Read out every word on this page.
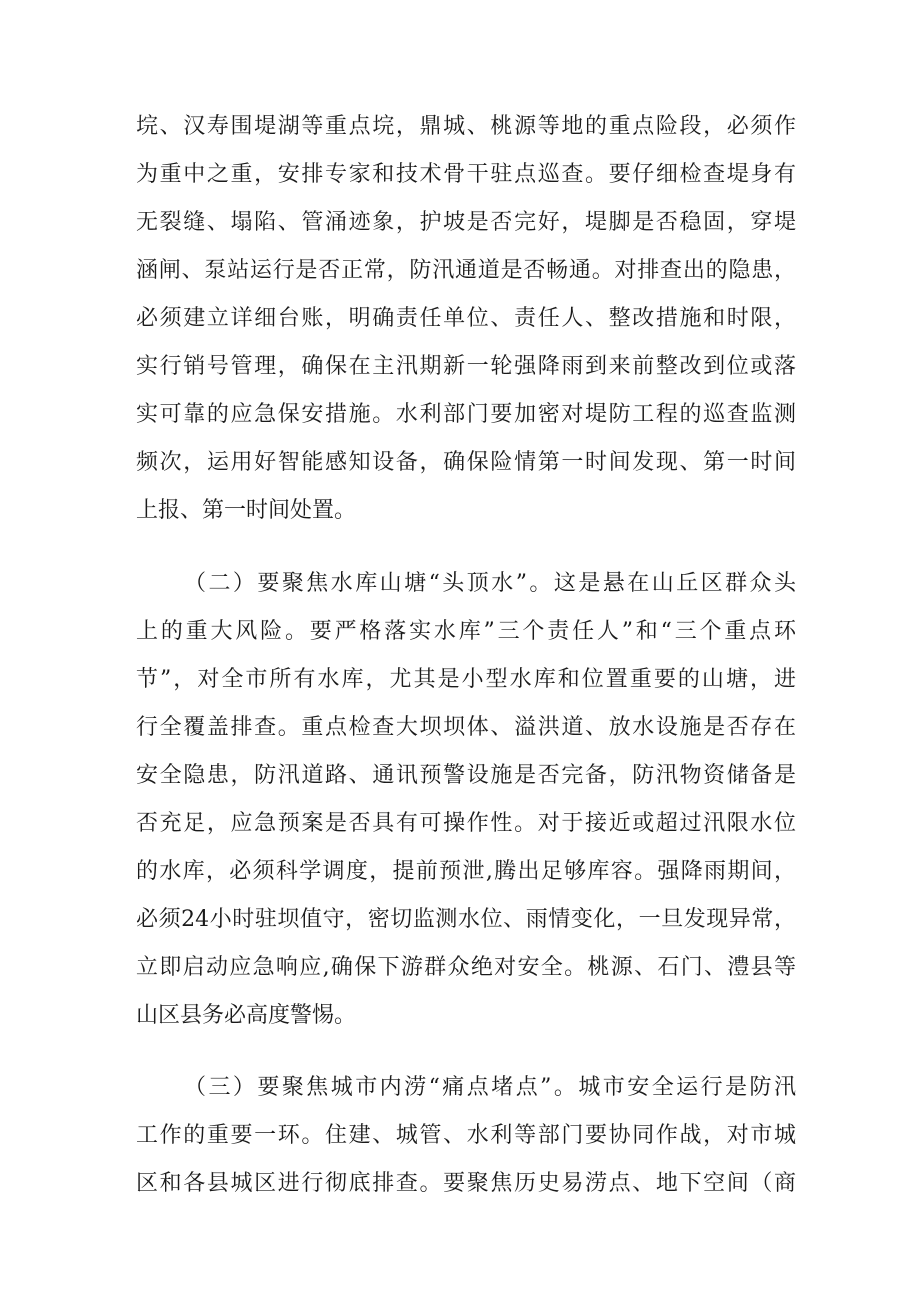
垸、汉寿围堤湖等重点垸，鼎城、桃源等地的重点险段，必须作
为重中之重，安排专家和技术骨干驻点巡查。要仔细检查堤身有
无裂缝、塌陷、管涌迹象，护坡是否完好，堤脚是否稳固，穿堤
涵闸、泵站运行是否正常，防汛通道是否畅通。对排查出的隐患，
必须建立详细台账，明确责任单位、责任人、整改措施和时限，
实行销号管理，确保在主汛期新一轮强降雨到来前整改到位或落
实可靠的应急保安措施。水利部门要加密对堤防工程的巡查监测
频次，运用好智能感知设备，确保险情第一时间发现、第一时间
上报、第一时间处置。
（二）要聚焦水库山塘“头顶水”。这是悬在山丘区群众头
上的重大风险。要严格落实水库”三个责任人”和“三个重点环
节”，对全市所有水库，尤其是小型水库和位置重要的山塘，进
行全覆盖排查。重点检查大坝坝体、溢洪道、放水设施是否存在
安全隐患，防汛道路、通讯预警设施是否完备，防汛物资储备是
否充足，应急预案是否具有可操作性。对于接近或超过汛限水位
的水库，必须科学调度，提前预泄,腾出足够库容。强降雨期间，
必须24小时驻坝值守，密切监测水位、雨情变化，一旦发现异常，
立即启动应急响应,确保下游群众绝对安全。桃源、石门、澧县等
山区县务必高度警惕。
（三）要聚焦城市内涝“痛点堵点”。城市安全运行是防汛
工作的重要一环。住建、城管、水利等部门要协同作战，对市城
区和各县城区进行彻底排查。要聚焦历史易涝点、地下空间（商
